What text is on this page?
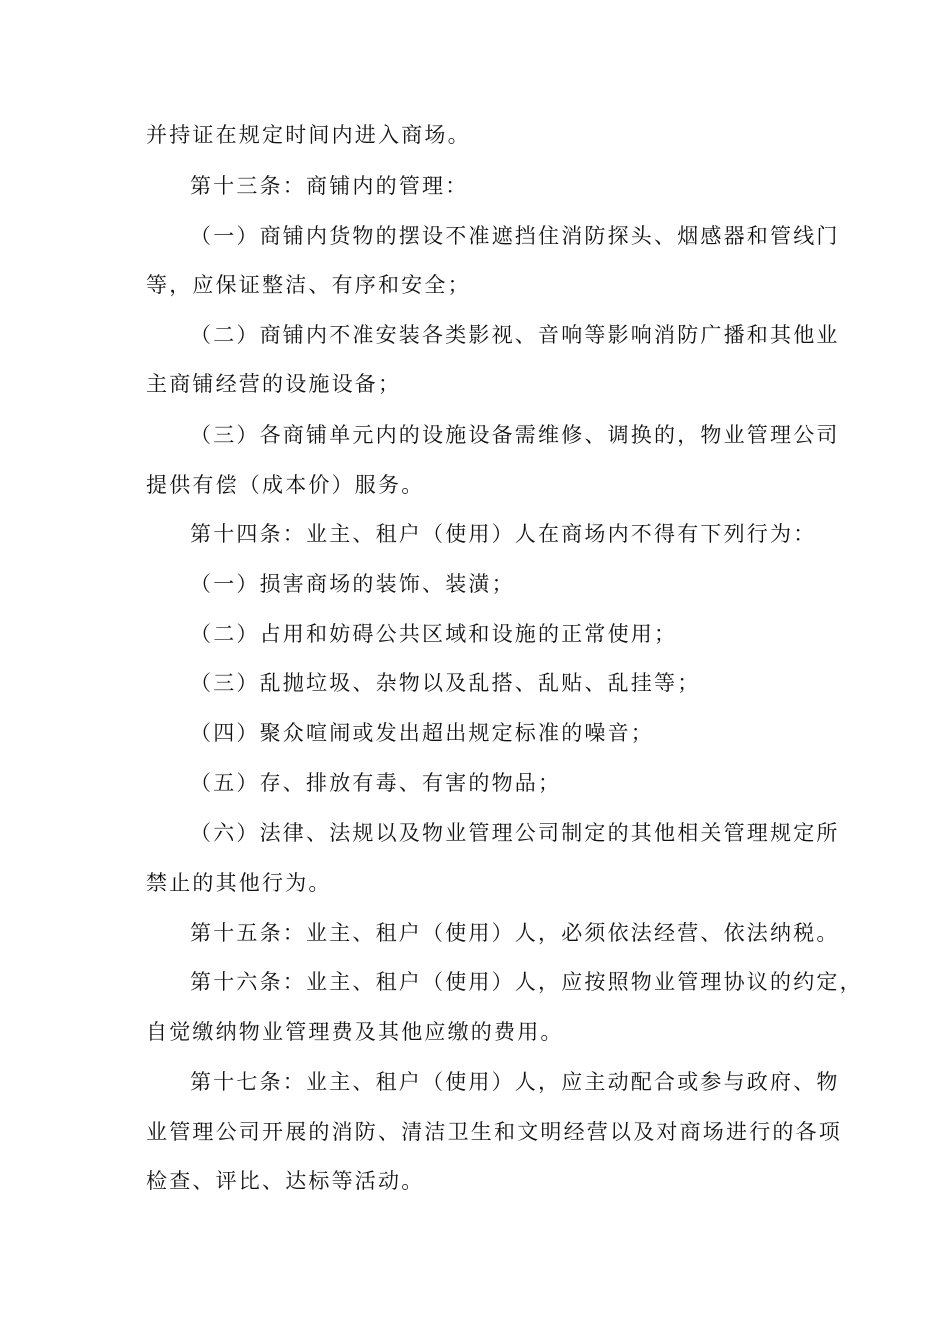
并持证在规定时间内进入商场。
第十三条：商铺内的管理：
（一）商铺内货物的摆设不准遮挡住消防探头、烟感器和管线门
等，应保证整洁、有序和安全；
（二）商铺内不准安装各类影视、音响等影响消防广播和其他业
主商铺经营的设施设备；
（三）各商铺单元内的设施设备需维修、调换的，物业管理公司
提供有偿（成本价）服务。
第十四条：业主、租户（使用）人在商场内不得有下列行为：
（一）损害商场的装饰、装潢；
（二）占用和妨碍公共区域和设施的正常使用；
（三）乱抛垃圾、杂物以及乱搭、乱贴、乱挂等；
（四）聚众喧闹或发出超出规定标准的噪音；
（五）存、排放有毒、有害的物品；
（六）法律、法规以及物业管理公司制定的其他相关管理规定所
禁止的其他行为。
第十五条：业主、租户（使用）人，必须依法经营、依法纳税。
第十六条：业主、租户（使用）人，应按照物业管理协议的约定，
自觉缴纳物业管理费及其他应缴的费用。
第十七条：业主、租户（使用）人，应主动配合或参与政府、物
业管理公司开展的消防、清洁卫生和文明经营以及对商场进行的各项
检查、评比、达标等活动。
